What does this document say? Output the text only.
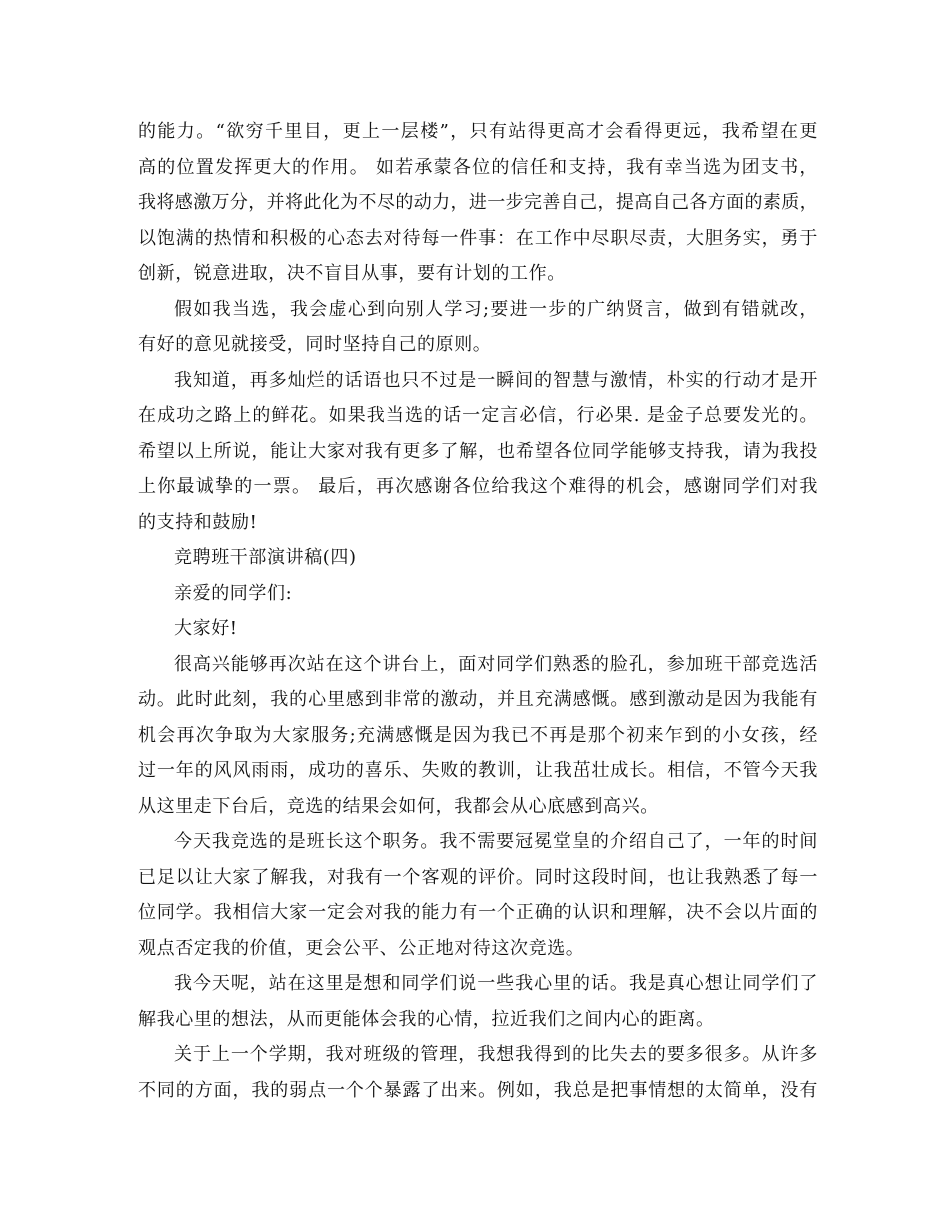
的能力。“欲穷千里目，更上一层楼”，只有站得更高才会看得更远，我希望在更
高的位置发挥更大的作用。 如若承蒙各位的信任和支持，我有幸当选为团支书，
我将感激万分，并将此化为不尽的动力，进一步完善自己，提高自己各方面的素质，
以饱满的热情和积极的心态去对待每一件事：在工作中尽职尽责，大胆务实，勇于
创新，锐意进取，决不盲目从事，要有计划的工作。
假如我当选，我会虚心到向别人学习;要进一步的广纳贤言，做到有错就改，
有好的意见就接受，同时坚持自己的原则。
我知道，再多灿烂的话语也只不过是一瞬间的智慧与激情，朴实的行动才是开
在成功之路上的鲜花。如果我当选的话一定言必信，行必果. 是金子总要发光的。
希望以上所说，能让大家对我有更多了解，也希望各位同学能够支持我，请为我投
上你最诚挚的一票。 最后，再次感谢各位给我这个难得的机会，感谢同学们对我
的支持和鼓励!
竞聘班干部演讲稿(四)
亲爱的同学们:
大家好!
很高兴能够再次站在这个讲台上，面对同学们熟悉的脸孔，参加班干部竞选活
动。此时此刻，我的心里感到非常的激动，并且充满感慨。感到激动是因为我能有
机会再次争取为大家服务;充满感慨是因为我已不再是那个初来乍到的小女孩，经
过一年的风风雨雨，成功的喜乐、失败的教训，让我茁壮成长。相信，不管今天我
从这里走下台后，竞选的结果会如何，我都会从心底感到高兴。
今天我竞选的是班长这个职务。我不需要冠冕堂皇的介绍自己了，一年的时间
已足以让大家了解我，对我有一个客观的评价。同时这段时间，也让我熟悉了每一
位同学。我相信大家一定会对我的能力有一个正确的认识和理解，决不会以片面的
观点否定我的价值，更会公平、公正地对待这次竞选。
我今天呢，站在这里是想和同学们说一些我心里的话。我是真心想让同学们了
解我心里的想法，从而更能体会我的心情，拉近我们之间内心的距离。
关于上一个学期，我对班级的管理，我想我得到的比失去的要多很多。从许多
不同的方面，我的弱点一个个暴露了出来。例如，我总是把事情想的太简单，没有
